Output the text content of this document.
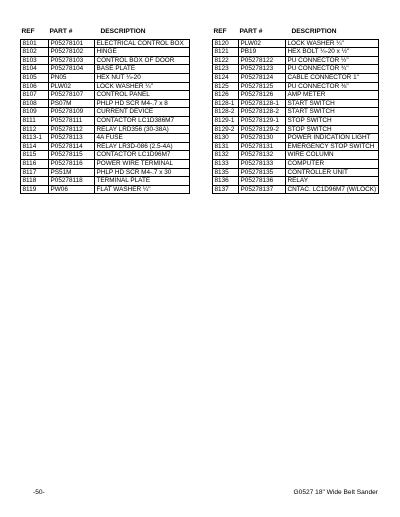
REF	PART #	DESCRIPTION
8101	P05278101	ELECTRICAL CONTROL BOX
8102	P05278102	HINGE
8103	P05278103	CONTROL BOX OF DOOR
8104	P05278104	BASE PLATE
8105	PN05	HEX NUT ¼-20
8106	PLW02	LOCK WASHER ¼"
8107	P05278107	CONTROL PANEL
8108	PS07M	PHLP HD SCR M4-.7 x 8
8109	P05278109	CURRENT DEVICE
8111	P05278111	CONTACTOR LC1D386M7
8112	P05278112	RELAY LRD356 (30-38A)
8113-1	P05278113	4A FUSE
8114	P05278114	RELAY LR3D-086 (2.5-4A)
8115	P05278115	CONTACTOR LC1D96M7
8116	P05278116	POWER WIRE TERMINAL
8117	PS51M	PHLP HD SCR M4-.7 x 30
8118	P05278118	TERMINAL PLATE
8119	PW06	FLAT WASHER ¼"
REF	PART #	DESCRIPTION
8120	PLW02	LOCK WASHER ¼"
8121	PB19	HEX BOLT ¼-20 x ½"
8122	P05278122	PU CONNECTOR ½"
8123	P05278123	PU CONNECTOR ¾"
8124	P05278124	CABLE CONNECTOR 1"
8125	P05278125	PU CONNECTOR ⅜"
8126	P05278126	AMP METER
8128-1	P05278128-1	START SWITCH
8128-2	P05278128-2	START SWITCH
8129-1	P05278129-1	STOP SWITCH
8129-2	P05278129-2	STOP SWITCH
8130	P05278130	POWER INDICATION LIGHT
8131	P05278131	EMERGENCY STOP SWITCH
8132	P05278132	WIRE COLUMN
8133	P05278133	COMPUTER
8135	P05278135	CONTROLLER UNIT
8136	P05278136	RELAY
8137	P05278137	CNTAC. LC1D96M7 (W/LOCK)
-50-	G0527 18" Wide Belt Sander
